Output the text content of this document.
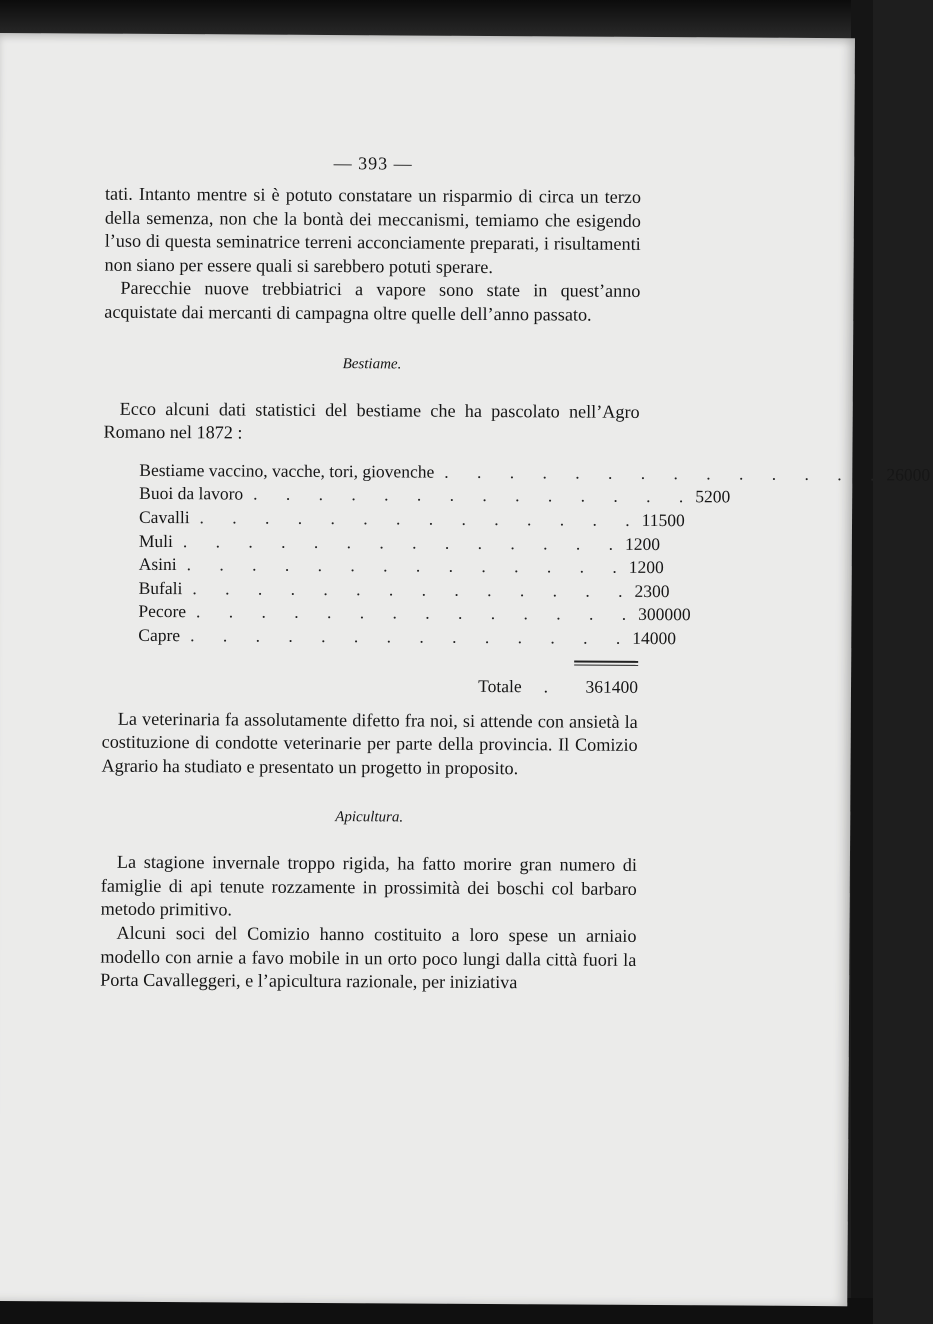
— 393 —

tati. Intanto mentre si è potuto constatare un risparmio di circa un terzo della semenza, non che la bontà dei meccanismi, temiamo che esigendo l’uso di questa seminatrice terreni acconciamente preparati, i risultamenti non siano per essere quali si sarebbero potuti sperare.

Parecchie nuove trebbiatrici a vapore sono state in quest’anno acquistate dai mercanti di campagna oltre quelle dell’anno passato.

Bestiame.

Ecco alcuni dati statistici del bestiame che ha pascolato nell’Agro Romano nel 1872 :

Bestiame vaccino, vacche, tori, giovenche . . . . . . . . . . . . . . 26000
Buoi da lavoro . . . . . . . . . . . . . . 5200
Cavalli . . . . . . . . . . . . . . 11500
Muli . . . . . . . . . . . . . . 1200
Asini . . . . . . . . . . . . . . 1200
Bufali . . . . . . . . . . . . . . 2300
Pecore . . . . . . . . . . . . . . 300000
Capre . . . . . . . . . . . . . . 14000
Totale .	361400

La veterinaria fa assolutamente difetto fra noi, si attende con ansietà la costituzione di condotte veterinarie per parte della provincia. Il Comizio Agrario ha studiato e presentato un progetto in proposito.

Apicultura.

La stagione invernale troppo rigida, ha fatto morire gran numero di famiglie di api tenute rozzamente in prossimità dei boschi col barbaro metodo primitivo.

Alcuni soci del Comizio hanno costituito a loro spese un arniaio modello con arnie a favo mobile in un orto poco lungi dalla città fuori la Porta Cavalleggeri, e l’apicultura razionale, per iniziativa
